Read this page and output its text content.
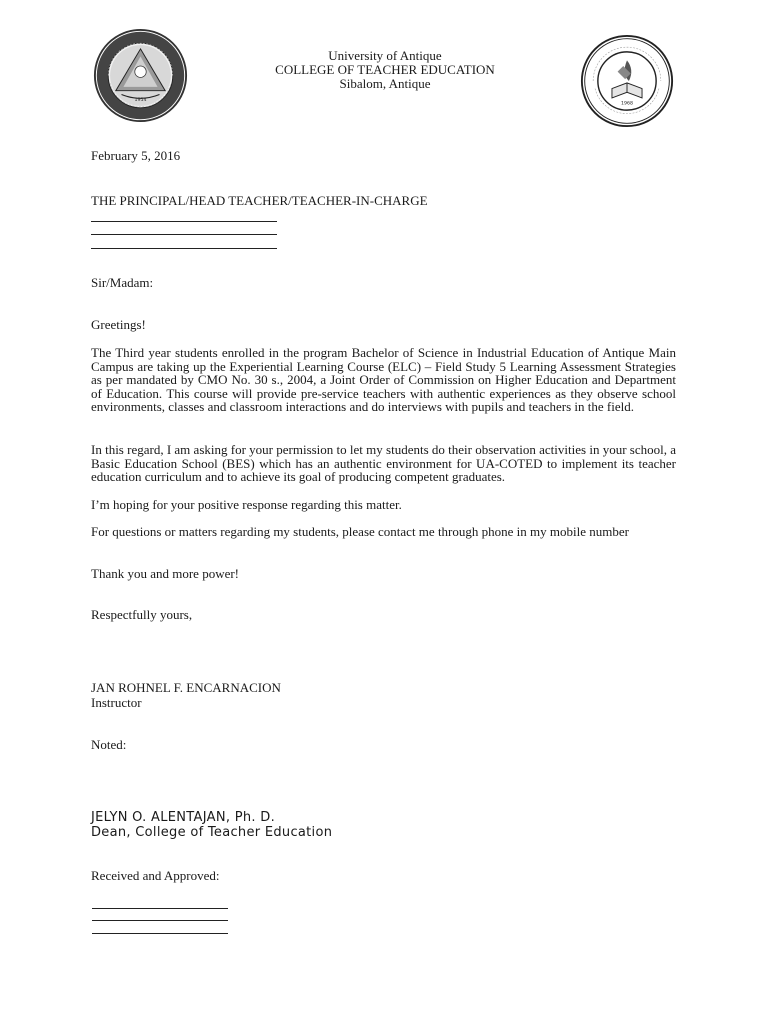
1954
1968
University of Antique
COLLEGE OF TEACHER EDUCATION
Sibalom, Antique
February 5, 2016
THE PRINCIPAL/HEAD TEACHER/TEACHER-IN-CHARGE
Sir/Madam:
Greetings!
The Third year students enrolled in the program Bachelor of Science in Industrial Education of Antique Main Campus are taking up the Experiential Learning Course (ELC) – Field Study 5 Learning Assessment Strategies as per mandated by CMO No. 30 s., 2004, a Joint Order of Commission on Higher Education and Department of Education. This course will provide pre-service teachers with authentic experiences as they observe school environments, classes and classroom interactions and do interviews with pupils and teachers in the field.
In this regard, I am asking for your permission to let my students do their observation activities in your school, a Basic Education School (BES) which has an authentic environment for UA-COTED to implement its teacher education curriculum and to achieve its goal of producing competent graduates.
I’m hoping for your positive response regarding this matter.
For questions or matters regarding my students, please contact me through phone in my mobile number
Thank you and more power!
Respectfully yours,
JAN ROHNEL F. ENCARNACION
Instructor
Noted:
JELYN O. ALENTAJAN, Ph. D.
Dean, College of Teacher Education
Received and Approved:
